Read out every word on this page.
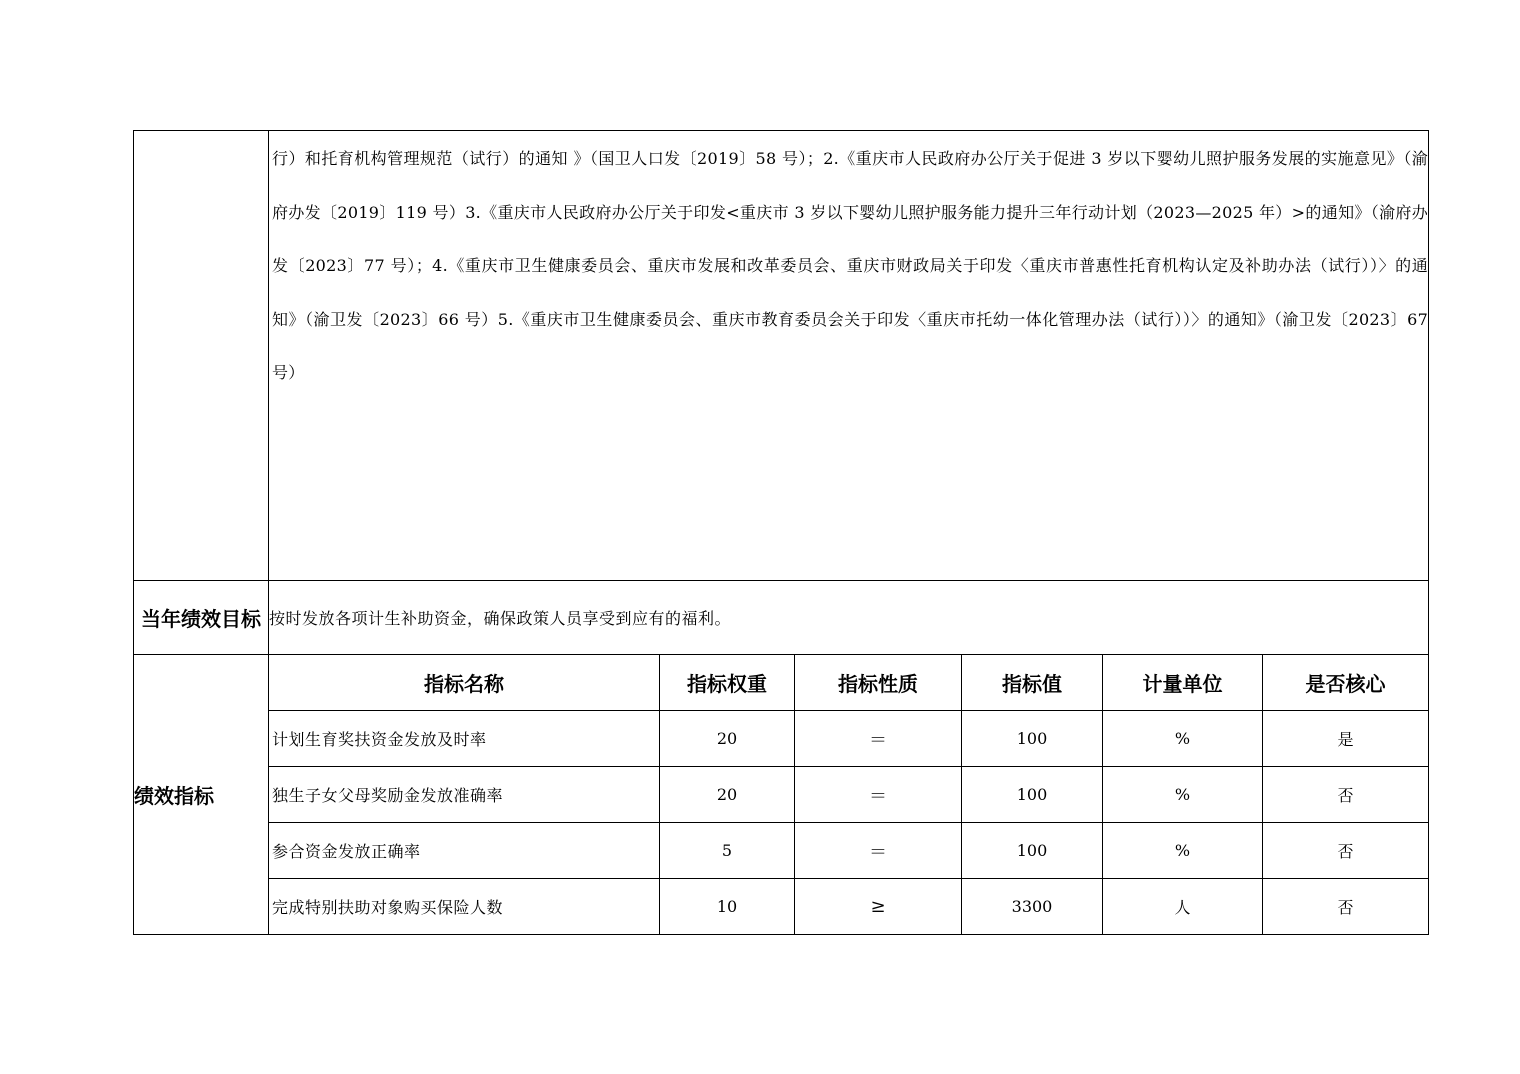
	行）和托育机构管理规范（试行）的通知 》（国卫人口发〔2019〕58 号）；2.《重庆市人民政府办公厅关于促进 3 岁以下婴幼儿照护服务发展的实施意见》（渝府办发〔2019〕119 号）3.《重庆市人民政府办公厅关于印发<重庆市 3 岁以下婴幼儿照护服务能力提升三年行动计划（2023—2025 年）>的通知》（渝府办发〔2023〕77 号）；4.《重庆市卫生健康委员会、重庆市发展和改革委员会、重庆市财政局关于印发〈重庆市普惠性托育机构认定及补助办法（试行））〉的通知》（渝卫发〔2023〕66 号）5.《重庆市卫生健康委员会、重庆市教育委员会关于印发〈重庆市托幼一体化管理办法（试行））〉的通知》（渝卫发〔2023〕67 号）					

当年绩效目标	按时发放各项计生补助资金，确保政策人员享受到应有的福利。					
绩效指标	指标名称	指标权重	指标性质	指标值	计量单位	是否核心
	计划生育奖扶资金发放及时率	20	＝	100	%	是
	独生子女父母奖励金发放准确率	20	＝	100	%	否
	参合资金发放正确率	5	＝	100	%	否
	完成特别扶助对象购买保险人数	10	≥	3300	人	否
